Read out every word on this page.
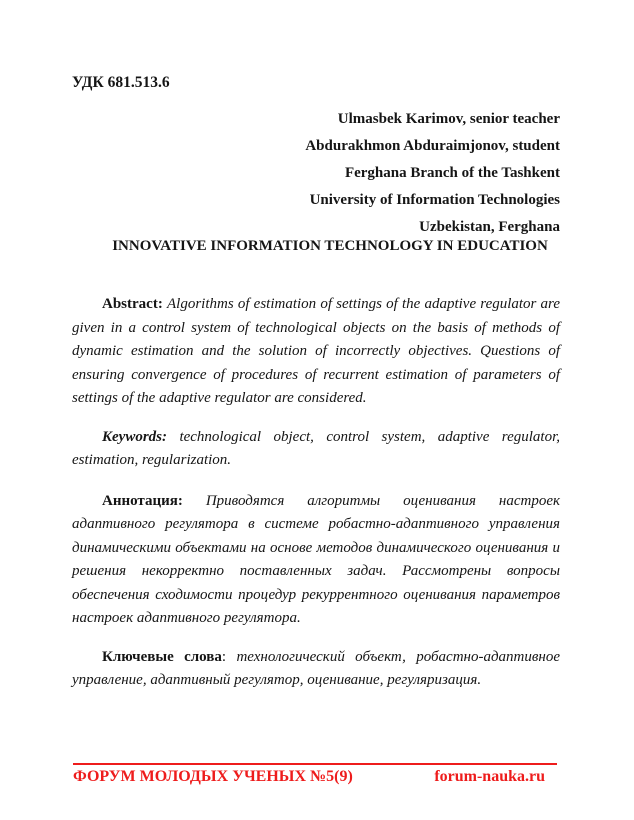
УДК 681.513.6
Ulmasbek Karimov, senior teacher
Abdurakhmon Abduraimjonov, student
Ferghana Branch of the Tashkent
University of Information Technologies
Uzbekistan, Ferghana
INNOVATIVE INFORMATION TECHNOLOGY IN EDUCATION

Abstract: Algorithms of estimation of settings of the adaptive regulator are given in a control system of technological objects on the basis of methods of dynamic estimation and the solution of incorrectly objectives. Questions of ensuring convergence of procedures of recurrent estimation of parameters of settings of the adaptive regulator are considered.

Keywords: technological object, control system, adaptive regulator, estimation, regularization.

Аннотация: Приводятся алгоритмы оценивания настроек адаптивного регулятора в системе робастно-адаптивного управления динамическими объектами на основе методов динамического оценивания и решения некорректно поставленных задач. Рассмотрены вопросы обеспечения сходимости процедур рекуррентного оценивания параметров настроек адаптивного регулятора.

Ключевые слова: технологический объект, робастно-адаптивное управление, адаптивный регулятор, оценивание, регуляризация.

ФОРУМ МОЛОДЫХ УЧЕНЫХ №5(9)	forum-nauka.ru
